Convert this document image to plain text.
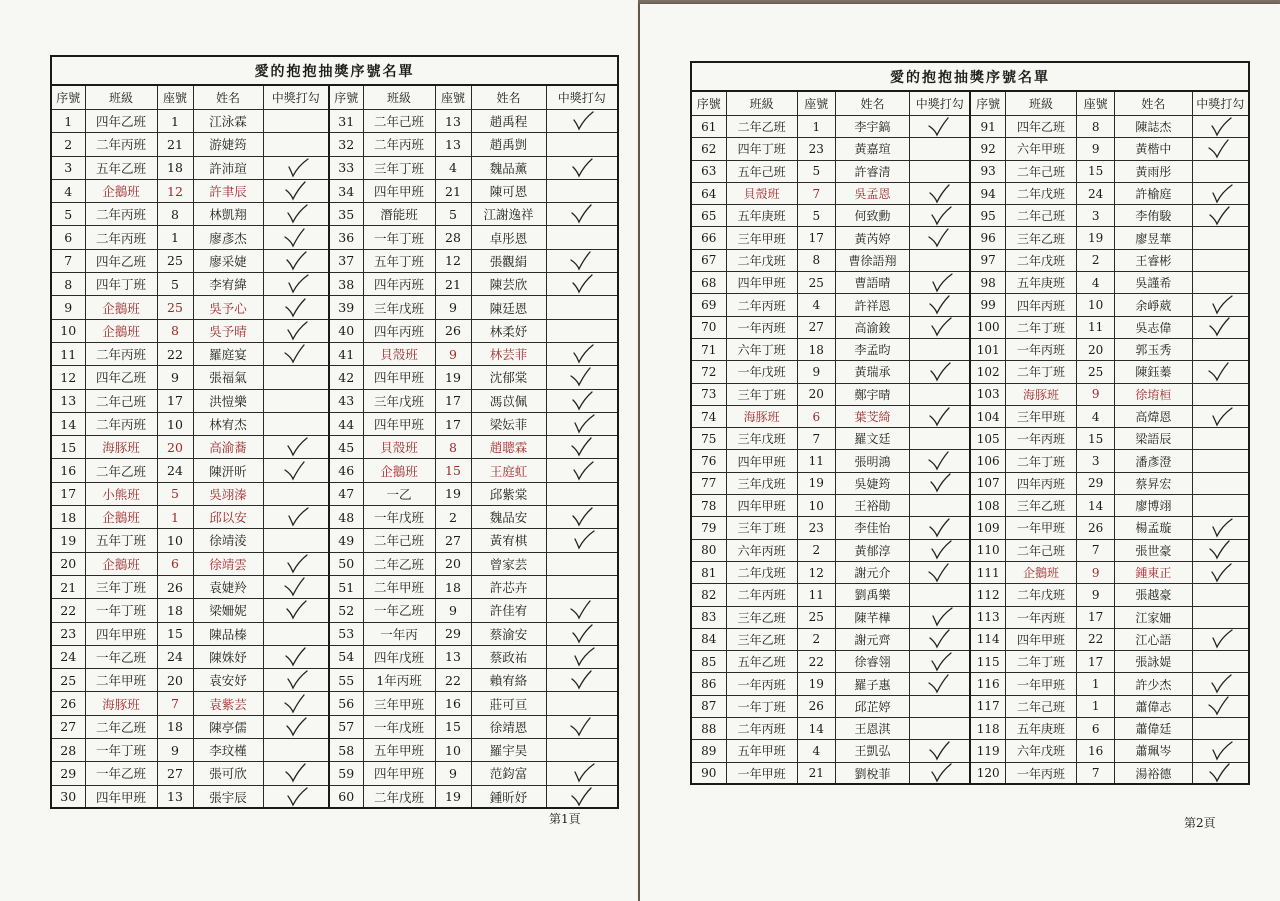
愛的抱抱抽獎序號名單									
序號	班級	座號	姓名	中獎打勾	序號	班級	座號	姓名	中獎打勾
1	四年乙班	1	江泳霖		31	二年己班	13	趙禹程	

2	二年丙班	21	游婕筠		32	二年丙班	13	趙禹剴	
3	五年乙班	18	許沛瑄		33	三年丁班	4	魏品薰	

4	企鵝班	12	許聿辰		34	四年甲班	21	陳可恩	
5	二年丙班	8	林凱翔		35	潛能班	5	江謝逸祥	

6	二年丙班	1	廖彥杰		36	一年丁班	28	卓彤恩	
7	四年乙班	25	廖采婕		37	五年丁班	12	張觀絹	

8	四年丁班	5	李宥緯		38	四年丙班	21	陳芸欣	

9	企鵝班	25	吳予心		39	三年戊班	9	陳廷恩	
10	企鵝班	8	吳予晴		40	四年丙班	26	林柔妤	
11	二年丙班	22	羅庭宴		41	貝殼班	9	林芸菲	

12	四年乙班	9	張福氣		42	四年甲班	19	沈郁棠	

13	二年己班	17	洪愷樂		43	三年戊班	17	馮苡佩	

14	二年丙班	10	林宥杰		44	四年甲班	17	梁妘菲	

15	海豚班	20	高渝蕎		45	貝殼班	8	趙聰霖	

16	二年乙班	24	陳汧昕		46	企鵝班	15	王庭虹	

17	小熊班	5	吳翊溱		47	一乙	19	邱紫棠	
18	企鵝班	1	邱以安		48	一年戊班	2	魏品安	

19	五年丁班	10	徐靖淩		49	二年己班	27	黃宥棋	

20	企鵝班	6	徐靖雲		50	二年乙班	20	曾家芸	
21	三年丁班	26	袁婕羚		51	二年甲班	18	許芯卉	
22	一年丁班	18	梁姍妮		52	一年乙班	9	許佳宥	

23	四年甲班	15	陳品榛		53	一年丙	29	蔡渝安	

24	一年乙班	24	陳姝妤		54	四年戊班	13	蔡政祐	

25	二年甲班	20	袁安妤		55	1年丙班	22	賴宥絡	

26	海豚班	7	袁紫芸		56	三年甲班	16	莊可亘	
27	二年乙班	18	陳亭儒		57	一年戊班	15	徐靖恩	

28	一年丁班	9	李玟槿		58	五年甲班	10	羅宇昊	
29	一年乙班	27	張可欣		59	四年甲班	9	范鈞富	

30	四年甲班	13	張宇辰		60	二年戊班	19	鍾昕妤	
第1頁
愛的抱抱抽獎序號名單									
序號	班級	座號	姓名	中獎打勾	序號	班級	座號	姓名	中獎打勾
61	二年乙班	1	李宇鎬		91	四年乙班	8	陳誌杰	

62	四年丁班	23	黃嘉瑄		92	六年甲班	9	黃楷中	

63	五年己班	5	許睿清		93	二年己班	15	黃雨彤	
64	貝殼班	7	吳孟恩		94	二年戊班	24	許榆庭	

65	五年庚班	5	何致勳		95	二年己班	3	李侑駿	

66	三年甲班	17	黃芮婷		96	三年乙班	19	廖昱華	
67	二年戊班	8	曹徐語翔		97	二年戊班	2	王睿彬	
68	四年甲班	25	曹語晴		98	五年庚班	4	吳謹希	
69	二年丙班	4	許祥恩		99	四年丙班	10	余崢葳	

70	一年丙班	27	高渝鋑		100	二年丁班	11	吳志偉	

71	六年丁班	18	李孟昀		101	一年丙班	20	郭玉秀	
72	一年戊班	9	黃瑞承		102	二年丁班	25	陳鈺蓁	

73	三年丁班	20	鄭宇晴		103	海豚班	9	徐堉桓	
74	海豚班	6	葉芠綺		104	三年甲班	4	高煒恩	

75	三年戊班	7	羅文廷		105	一年丙班	15	梁語辰	
76	四年甲班	11	張明鴻		106	二年丁班	3	潘彥澄	
77	三年戊班	19	吳婕筠		107	四年丙班	29	蔡昇宏	
78	四年甲班	10	王裕勛		108	三年乙班	14	廖博翊	
79	三年丁班	23	李佳怡		109	一年甲班	26	楊孟璇	

80	六年丙班	2	黃郁淳		110	二年己班	7	張世豪	

81	二年戊班	12	謝元介		111	企鵝班	9	鍾東正	

82	二年丙班	11	劉禹樂		112	二年戊班	9	張越豪	
83	三年乙班	25	陳芊樺		113	一年丙班	17	江家姍	
84	三年乙班	2	謝元齊		114	四年甲班	22	江心語	

85	五年乙班	22	徐睿翎		115	二年丁班	17	張詠媞	
86	一年丙班	19	羅子惠		116	一年甲班	1	許少杰	

87	一年丁班	26	邱芷婷		117	二年己班	1	蕭偉志	

88	二年丙班	14	王恩淇		118	五年庚班	6	蕭偉廷	
89	五年甲班	4	王凱弘		119	六年戊班	16	蕭珮岑	

90	一年甲班	21	劉梲菲		120	一年丙班	7	湯裕德	
第2頁
